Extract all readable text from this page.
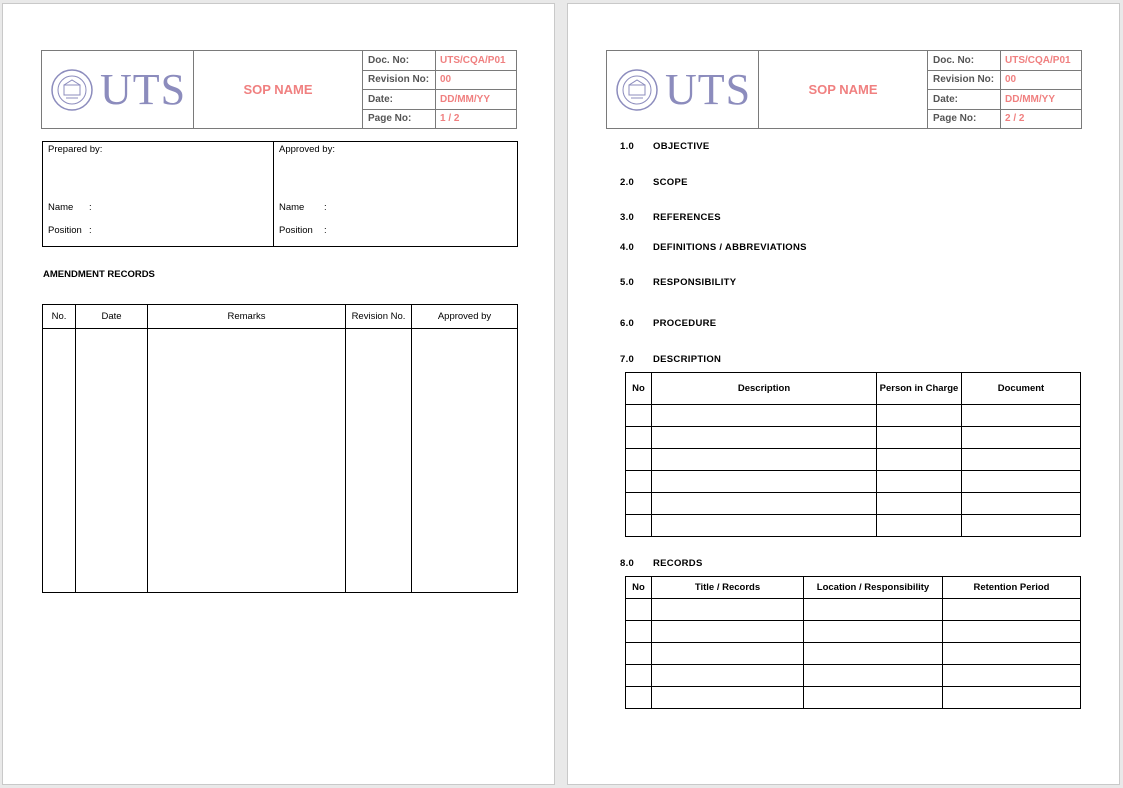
UTS	SOP NAME
Doc. No:	UTS/CQA/P01
Revision No:	00
Date:	DD/MM/YY
Page No:	1 / 2
Prepared by:
Name :
Position :
Approved by:
Name :
Position :
AMENDMENT RECORDS
No.	Date	Remarks	Revision No.	Approved by

UTS	SOP NAME
Doc. No:	UTS/CQA/P01
Revision No:	00
Date:	DD/MM/YY
Page No:	2 / 2
1.0 OBJECTIVE
2.0 SCOPE
3.0 REFERENCES
4.0 DEFINITIONS / ABBREVIATIONS
5.0 RESPONSIBILITY
6.0 PROCEDURE
7.0 DESCRIPTION
No	Description	Person in Charge	Document

8.0 RECORDS
No	Title / Records	Location / Responsibility	Retention Period
